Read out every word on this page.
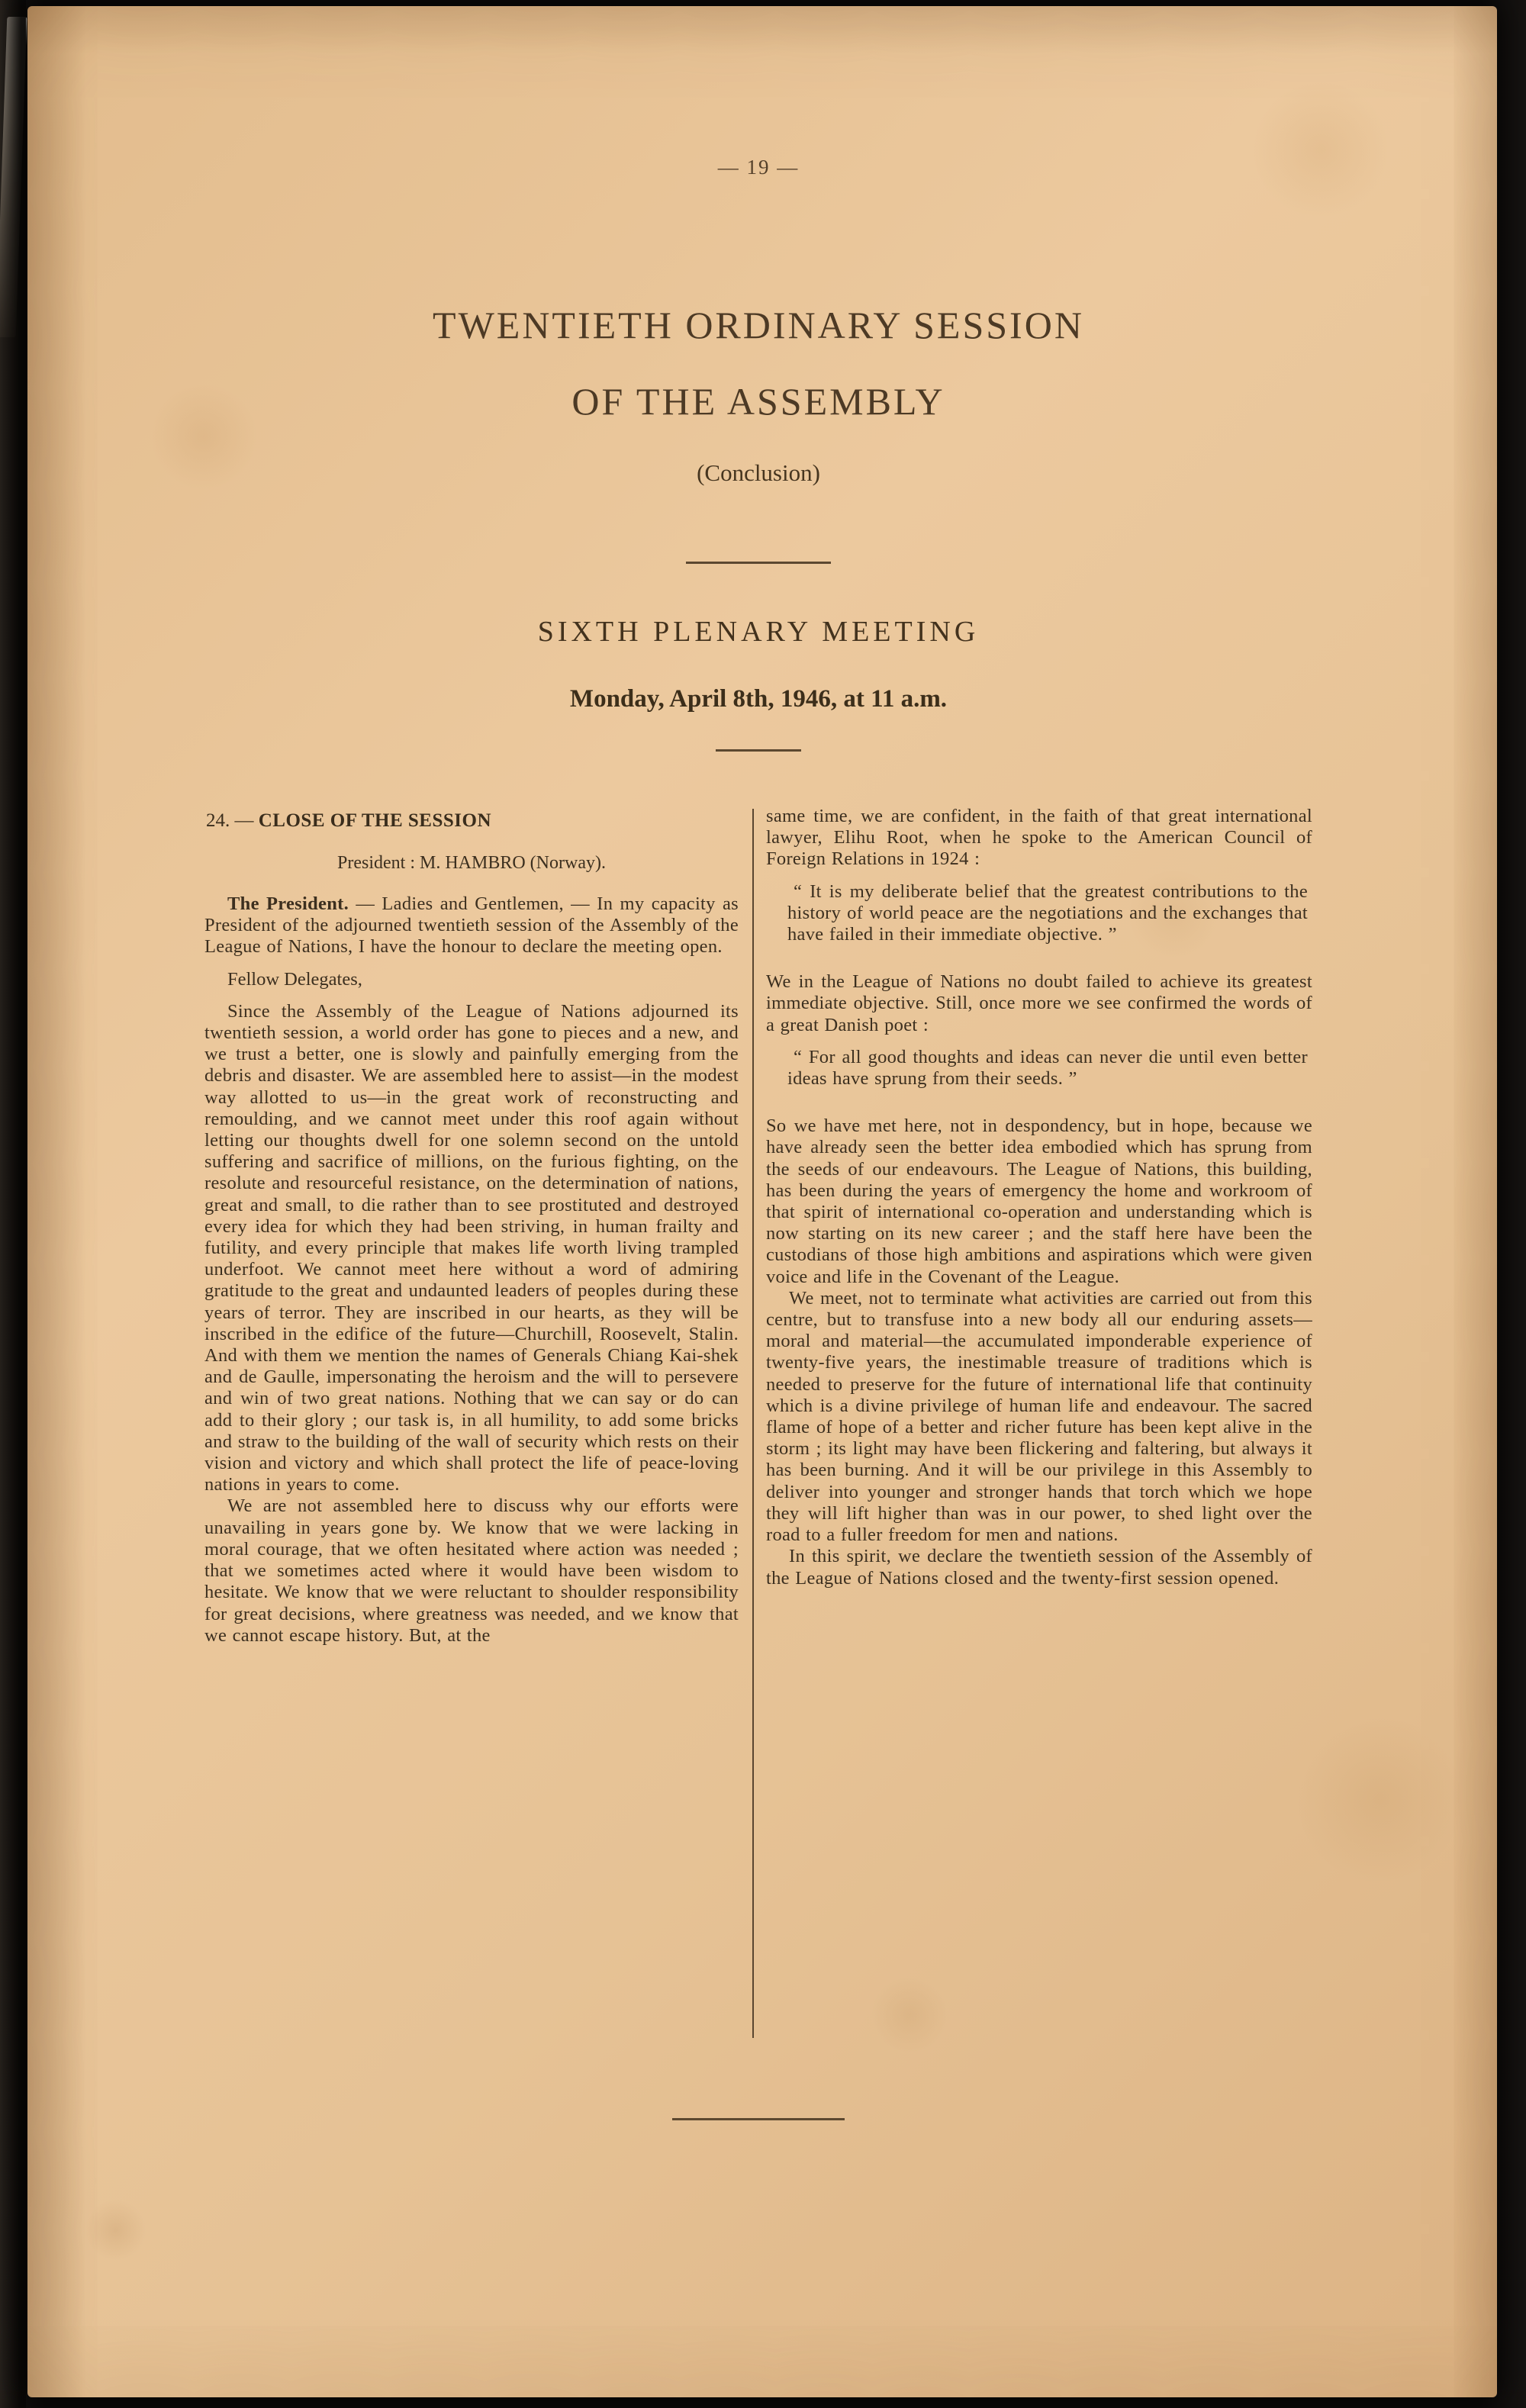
— 19 —
TWENTIETH ORDINARY SESSION
OF THE ASSEMBLY
(Conclusion)
SIXTH PLENARY MEETING
Monday, April 8th, 1946, at 11 a.m.
24. — CLOSE OF THE SESSION
President : M. HAMBRO (Norway).

The President. — Ladies and Gentlemen, — In my capacity as President of the adjourned twentieth session of the Assembly of the League of Nations, I have the honour to declare the meeting open.

Fellow Delegates,

Since the Assembly of the League of Nations adjourned its twentieth session, a world order has gone to pieces and a new, and we trust a better, one is slowly and painfully emerging from the debris and disaster. We are assembled here to assist—in the modest way allotted to us—in the great work of reconstructing and remoulding, and we cannot meet under this roof again without letting our thoughts dwell for one solemn second on the untold suffering and sacrifice of millions, on the furious fighting, on the resolute and resourceful resistance, on the determination of nations, great and small, to die rather than to see prostituted and destroyed every idea for which they had been striving, in human frailty and futility, and every principle that makes life worth living trampled underfoot. We cannot meet here without a word of admiring gratitude to the great and undaunted leaders of peoples during these years of terror. They are inscribed in our hearts, as they will be inscribed in the edifice of the future—Churchill, Roosevelt, Stalin. And with them we mention the names of Generals Chiang Kai-shek and de Gaulle, impersonating the heroism and the will to persevere and win of two great nations. Nothing that we can say or do can add to their glory ; our task is, in all humility, to add some bricks and straw to the building of the wall of security which rests on their vision and victory and which shall protect the life of peace-loving nations in years to come.

We are not assembled here to discuss why our efforts were unavailing in years gone by. We know that we were lacking in moral courage, that we often hesitated where action was needed ; that we sometimes acted where it would have been wisdom to hesitate. We know that we were reluctant to shoulder responsibility for great decisions, where greatness was needed, and we know that we cannot escape history. But, at the

same time, we are confident, in the faith of that great international lawyer, Elihu Root, when he spoke to the American Council of Foreign Relations in 1924 :

“ It is my deliberate belief that the greatest contributions to the history of world peace are the negotiations and the exchanges that have failed in their immediate objective. ”

We in the League of Nations no doubt failed to achieve its greatest immediate objective. Still, once more we see confirmed the words of a great Danish poet :

“ For all good thoughts and ideas can never die until even better ideas have sprung from their seeds. ”

So we have met here, not in despondency, but in hope, because we have already seen the better idea embodied which has sprung from the seeds of our endeavours. The League of Nations, this building, has been during the years of emergency the home and workroom of that spirit of international co-operation and understanding which is now starting on its new career ; and the staff here have been the custodians of those high ambitions and aspirations which were given voice and life in the Covenant of the League.

We meet, not to terminate what activities are carried out from this centre, but to transfuse into a new body all our enduring assets—moral and material—the accumulated imponderable experience of twenty-five years, the inestimable treasure of traditions which is needed to preserve for the future of international life that continuity which is a divine privilege of human life and endeavour. The sacred flame of hope of a better and richer future has been kept alive in the storm ; its light may have been flickering and faltering, but always it has been burning. And it will be our privilege in this Assembly to deliver into younger and stronger hands that torch which we hope they will lift higher than was in our power, to shed light over the road to a fuller freedom for men and nations.

In this spirit, we declare the twentieth session of the Assembly of the League of Nations closed and the twenty-first session opened.
